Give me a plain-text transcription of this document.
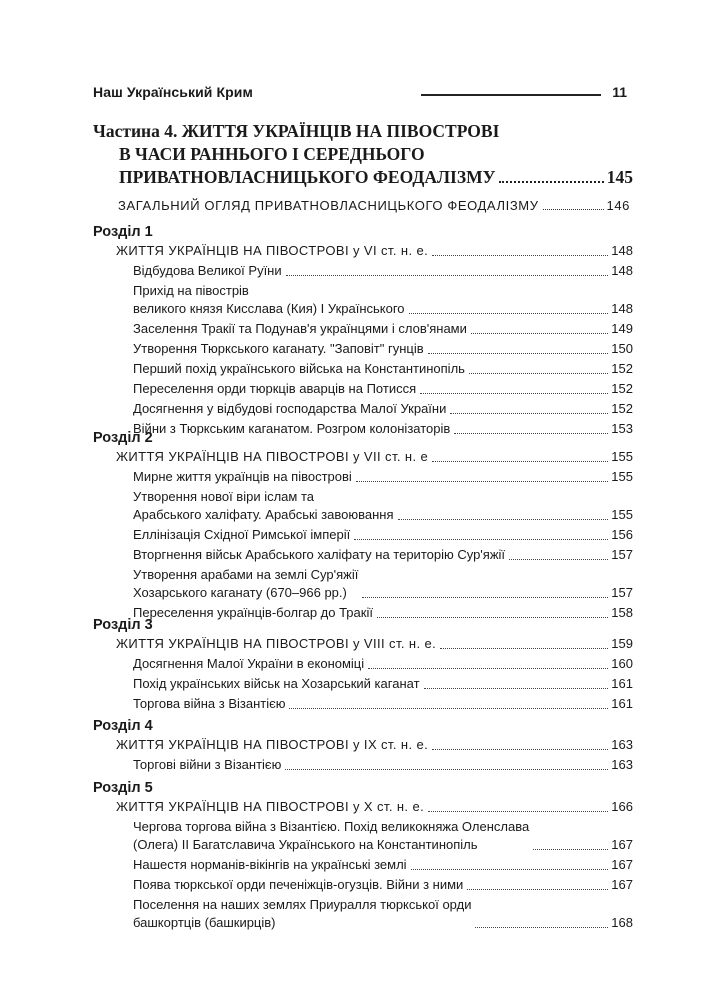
Наш Український Крим	11
Частина 4. ЖИТТЯ УКРАЇНЦІВ НА ПІВОСТРОВІ
В ЧАСИ РАННЬОГО І СЕРЕДНЬОГО
ПРИВАТНОВЛАСНИЦЬКОГО ФЕОДАЛІЗМУ	145
ЗАГАЛЬНИЙ ОГЛЯД ПРИВАТНОВЛАСНИЦЬКОГО ФЕОДАЛІЗМУ	146
Розділ 1
ЖИТТЯ УКРАЇНЦІВ НА ПІВОСТРОВІ у VI ст. н. е.	148
Відбудова Великої Руїни	148
Прихід на півострів
великого князя Кисслава (Кия) І Українського	148
Заселення Тракії та Подунав'я українцями і слов'янами	149
Утворення Тюркського каганату. "Заповіт" гунців	150
Перший похід українського війська на Константинопіль	152
Переселення орди тюркців аварців на Потисся	152
Досягнення у відбудові господарства Малої України	152
Війни з Тюркським каганатом. Розгром колонізаторів	153
Розділ 2
ЖИТТЯ УКРАЇНЦІВ НА ПІВОСТРОВІ у VII ст. н. е	155
Мирне життя українців на півострові	155
Утворення нової віри іслам та
Арабського халіфату. Арабські завоювання	155
Еллінізація Східної Римської імперії	156
Вторгнення військ Арабського халіфату на територію Сур'яжії	157
Утворення арабами на землі Сур'яжії
Хозарського каганату (670–966 рр.)	157
Переселення українців-болгар до Тракії	158
Розділ 3
ЖИТТЯ УКРАЇНЦІВ НА ПІВОСТРОВІ у VIII ст. н. е.	159
Досягнення Малої України в економіці	160
Похід українських військ на Хозарський каганат	161
Торгова війна з Візантією	161
Розділ 4
ЖИТТЯ УКРАЇНЦІВ НА ПІВОСТРОВІ у IX ст. н. е.	163
Торгові війни з Візантією	163
Розділ 5
ЖИТТЯ УКРАЇНЦІВ НА ПІВОСТРОВІ у X ст. н. е.	166
Чергова торгова війна з Візантією. Похід великокняжа Оленслава
(Олега) II Багатславича Українського на Константинопіль	167
Нашестя норманів-вікінгів на українські землі	167
Поява тюркської орди печеніжців-огузців. Війни з ними	167
Поселення на наших землях Приуралля тюркської орди
башкортців (башкирців)	168
